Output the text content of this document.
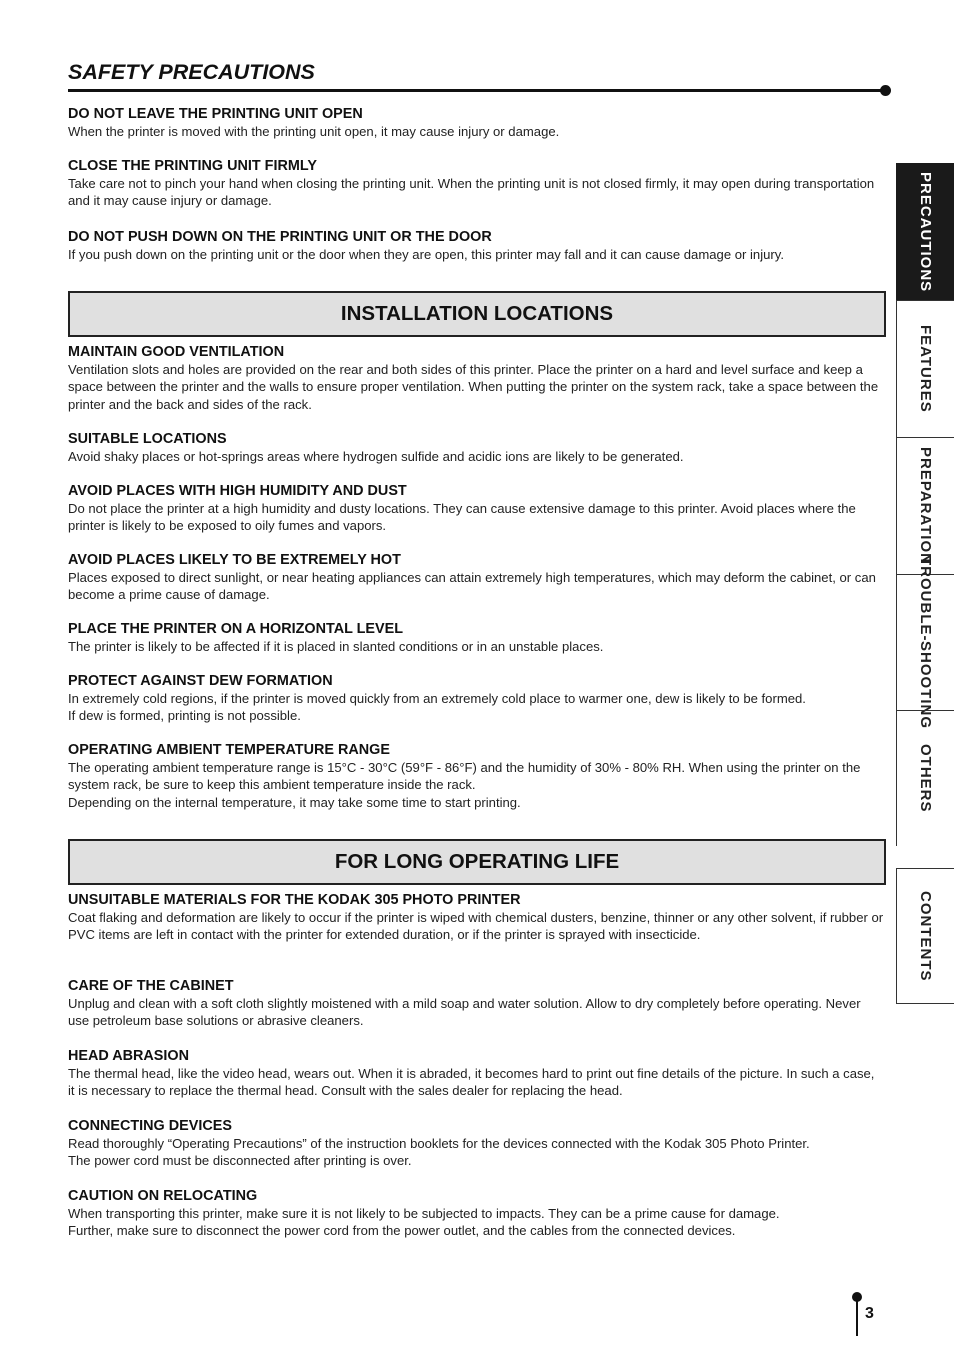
SAFETY PRECAUTIONS
DO NOT LEAVE THE PRINTING UNIT OPEN

When the printer is moved with the printing unit open, it may cause injury or damage.

CLOSE THE PRINTING UNIT FIRMLY

Take care not to pinch your hand when closing the printing unit. When the printing unit is not closed firmly, it may open during transportation and it may cause injury or damage.

DO NOT PUSH DOWN ON THE PRINTING UNIT OR THE DOOR

If you push down on the printing unit or the door when they are open, this printer may fall and it can cause damage or injury.

INSTALLATION LOCATIONS
MAINTAIN GOOD VENTILATION

Ventilation slots and holes are provided on the rear and both sides of this printer. Place the printer on a hard and level surface and keep a space between the printer and the walls to ensure proper ventilation. When putting the printer on the system rack, take a space between the printer and the back and sides of the rack.

SUITABLE LOCATIONS

Avoid shaky places or hot-springs areas where hydrogen sulfide and acidic ions are likely to be generated.

AVOID PLACES WITH HIGH HUMIDITY AND DUST

Do not place the printer at a high humidity and dusty locations. They can cause extensive damage to this printer. Avoid places where the printer is likely to be exposed to oily fumes and vapors.

AVOID PLACES LIKELY TO BE EXTREMELY HOT

Places exposed to direct sunlight, or near heating appliances can attain extremely high temperatures, which may deform the cabinet, or can become a prime cause of damage.

PLACE THE PRINTER ON A HORIZONTAL LEVEL

The printer is likely to be affected if it is placed in slanted conditions or in an unstable places.

PROTECT AGAINST DEW FORMATION

In extremely cold regions, if the printer is moved quickly from an extremely cold place to warmer one, dew is likely to be formed.

If dew is formed, printing is not possible.

OPERATING AMBIENT TEMPERATURE RANGE

The operating ambient temperature range is 15°C - 30°C (59°F - 86°F) and the humidity of 30% - 80% RH. When using the printer on the system rack, be sure to keep this ambient temperature inside the rack.

Depending on the internal temperature, it may take some time to start printing.

FOR LONG OPERATING LIFE
UNSUITABLE MATERIALS FOR THE KODAK 305 PHOTO PRINTER

Coat flaking and deformation are likely to occur if the printer is wiped with chemical dusters, benzine, thinner or any other solvent, if rubber or PVC items are left in contact with the printer for extended duration, or if the printer is sprayed with insecticide.

CARE OF THE CABINET

Unplug and clean with a soft cloth slightly moistened with a mild soap and water solution. Allow to dry completely before operating. Never use petroleum base solutions or abrasive cleaners.

HEAD ABRASION

The thermal head, like the video head, wears out. When it is abraded, it becomes hard to print out fine details of the picture. In such a case, it is necessary to replace the thermal head. Consult with the sales dealer for replacing the head.

CONNECTING DEVICES

Read thoroughly “Operating Precautions” of the instruction booklets for the devices connected with the Kodak 305 Photo Printer.

The power cord must be disconnected after printing is over.

CAUTION ON RELOCATING

When transporting this printer, make sure it is not likely to be subjected to impacts. They can be a prime cause for damage.

Further, make sure to disconnect the power cord from the power outlet, and the cables from the connected devices.

PRECAUTIONS
FEATURES
PREPARATION
TROUBLE-
SHOOTING
OTHERS
CONTENTS
3
